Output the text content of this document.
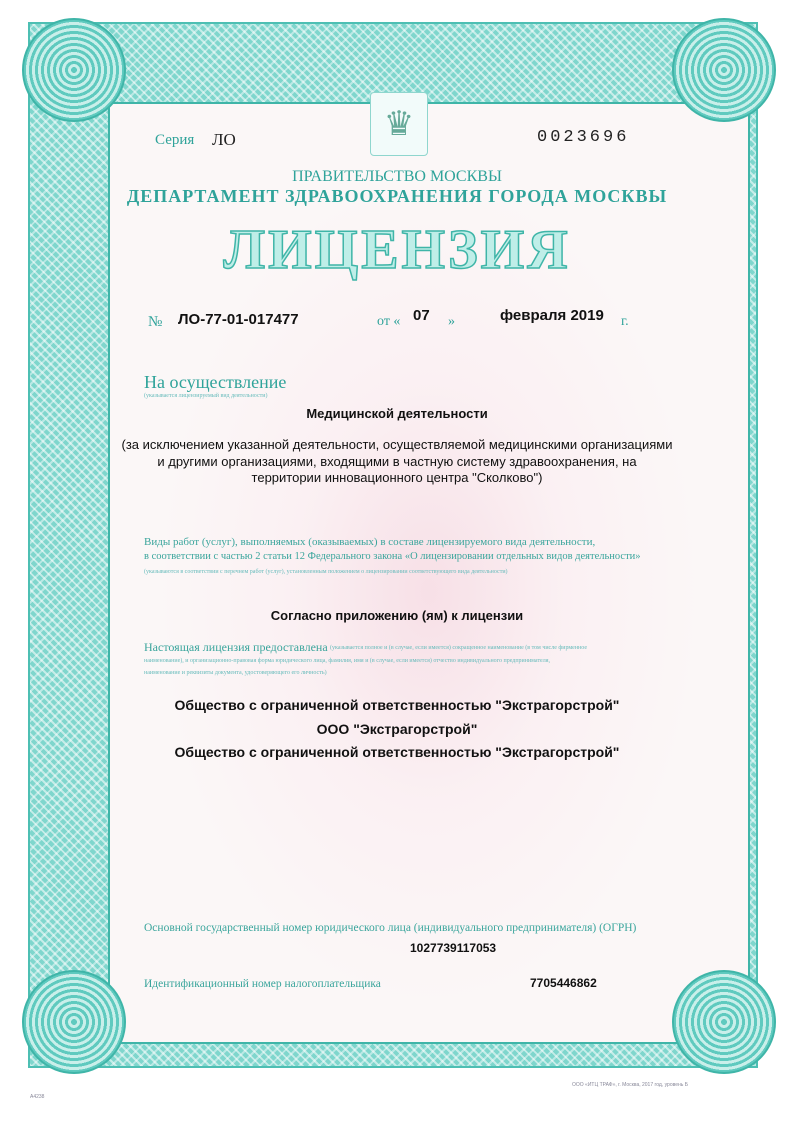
♛
Серия ЛО	0023696
ПРАВИТЕЛЬСТВО МОСКВЫ
ДЕПАРТАМЕНТ ЗДРАВООХРАНЕНИЯ ГОРОДА МОСКВЫ
ЛИЦЕНЗИЯ
№ ЛО-77-01-017477	от « 07 »	февраля 2019 г.
На осуществление
(указывается лицензируемый вид деятельности)
Медицинской деятельности
(за исключением указанной деятельности, осуществляемой медицинскими организациями
и другими организациями, входящими в частную систему здравоохранения, на
территории инновационного центра "Сколково")
Виды работ (услуг), выполняемых (оказываемых) в составе лицензируемого вида деятельности,
в соответствии с частью 2 статьи 12 Федерального закона «О лицензировании отдельных видов деятельности»
(указываются в соответствии с перечнем работ (услуг), установленным положением о лицензировании соответствующего вида деятельности)
Согласно приложению (ям) к лицензии
Настоящая лицензия предоставлена (указывается полное и (в случае, если имеется) сокращенное наименование (в том числе фирменное
наименование), и организационно-правовая форма юридического лица, фамилия, имя и (в случае, если имеется) отчество индивидуального предпринимателя,
наименование и реквизиты документа, удостоверяющего его личность)
Общество с ограниченной ответственностью "Экстрагорстрой"
ООО "Экстрагорстрой"
Общество с ограниченной ответственностью "Экстрагорстрой"
Основной государственный номер юридического лица (индивидуального предпринимателя) (ОГРН)
1027739117053
Идентификационный номер налогоплательщика	7705446862
ООО «ИТЦ ТРАФ», г. Москва, 2017 год, уровень Б
А4238
